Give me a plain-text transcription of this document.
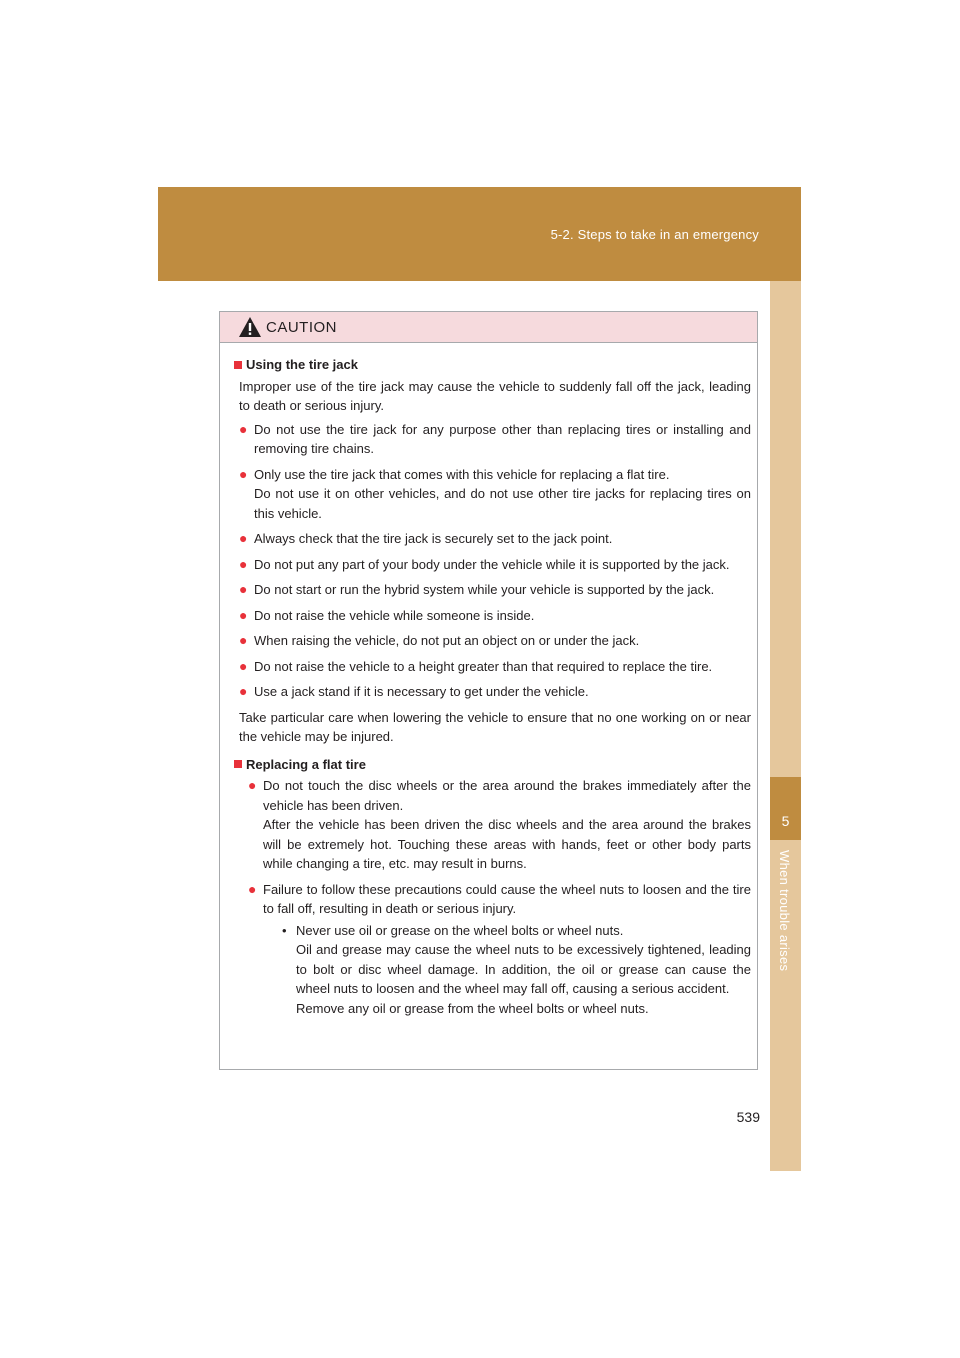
5-2. Steps to take in an emergency
5
When trouble arises
CAUTION
Using the tire jack
Improper use of the tire jack may cause the vehicle to suddenly fall off the jack, leading to death or serious injury.
● Do not use the tire jack for any purpose other than replacing tires or installing and removing tire chains.
● Only use the tire jack that comes with this vehicle for replacing a flat tire.
Do not use it on other vehicles, and do not use other tire jacks for replacing tires on this vehicle.
● Always check that the tire jack is securely set to the jack point.
● Do not put any part of your body under the vehicle while it is supported by the jack.
● Do not start or run the hybrid system while your vehicle is supported by the jack.
● Do not raise the vehicle while someone is inside.
● When raising the vehicle, do not put an object on or under the jack.
● Do not raise the vehicle to a height greater than that required to replace the tire.
● Use a jack stand if it is necessary to get under the vehicle.
Take particular care when lowering the vehicle to ensure that no one working on or near the vehicle may be injured.
Replacing a flat tire
● Do not touch the disc wheels or the area around the brakes immediately after the vehicle has been driven.
After the vehicle has been driven the disc wheels and the area around the brakes will be extremely hot. Touching these areas with hands, feet or other body parts while changing a tire, etc. may result in burns.
● Failure to follow these precautions could cause the wheel nuts to loosen and the tire to fall off, resulting in death or serious injury.
• Never use oil or grease on the wheel bolts or wheel nuts.
Oil and grease may cause the wheel nuts to be excessively tightened, leading to bolt or disc wheel damage. In addition, the oil or grease can cause the wheel nuts to loosen and the wheel may fall off, causing a serious accident.
Remove any oil or grease from the wheel bolts or wheel nuts.
539
